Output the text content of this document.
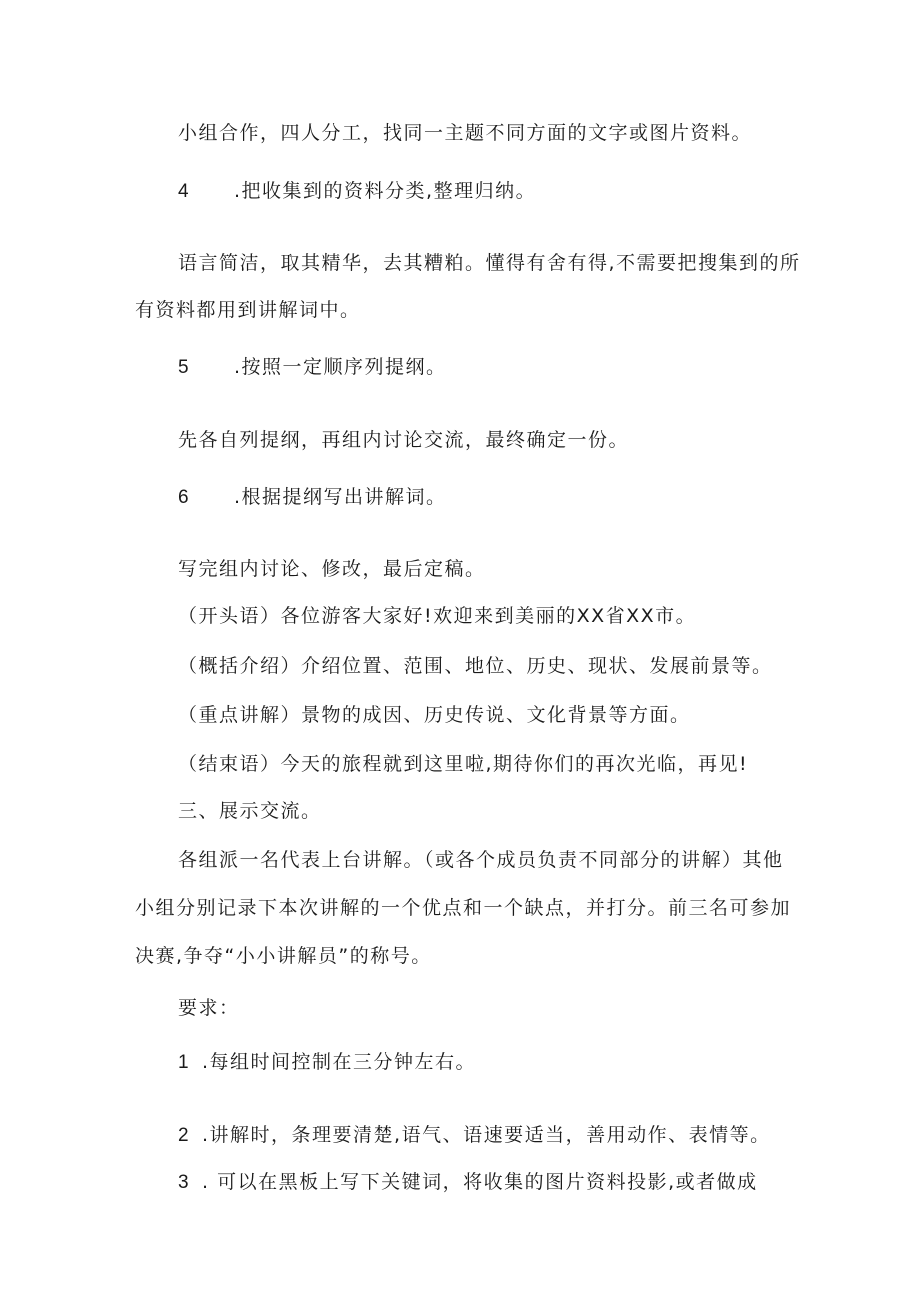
小组合作，四人分工，找同一主题不同方面的文字或图片资料。
4 .把收集到的资料分类,整理归纳。
语言简洁，取其精华，去其糟粕。懂得有舍有得,不需要把搜集到的所
有资料都用到讲解词中。
5 .按照一定顺序列提纲。
先各自列提纲，再组内讨论交流，最终确定一份。
6 .根据提纲写出讲解词。
写完组内讨论、修改，最后定稿。
（开头语）各位游客大家好!欢迎来到美丽的XX省XX市。
（概括介绍）介绍位置、范围、地位、历史、现状、发展前景等。
（重点讲解）景物的成因、历史传说、文化背景等方面。
（结束语）今天的旅程就到这里啦,期待你们的再次光临，再见!
三、展示交流。
各组派一名代表上台讲解。（或各个成员负责不同部分的讲解）其他
小组分别记录下本次讲解的一个优点和一个缺点，并打分。前三名可参加
决赛,争夺“小小讲解员”的称号。
要求：
1 .每组时间控制在三分钟左右。
2 .讲解时，条理要清楚,语气、语速要适当，善用动作、表情等。
3 . 可以在黑板上写下关键词，将收集的图片资料投影,或者做成
